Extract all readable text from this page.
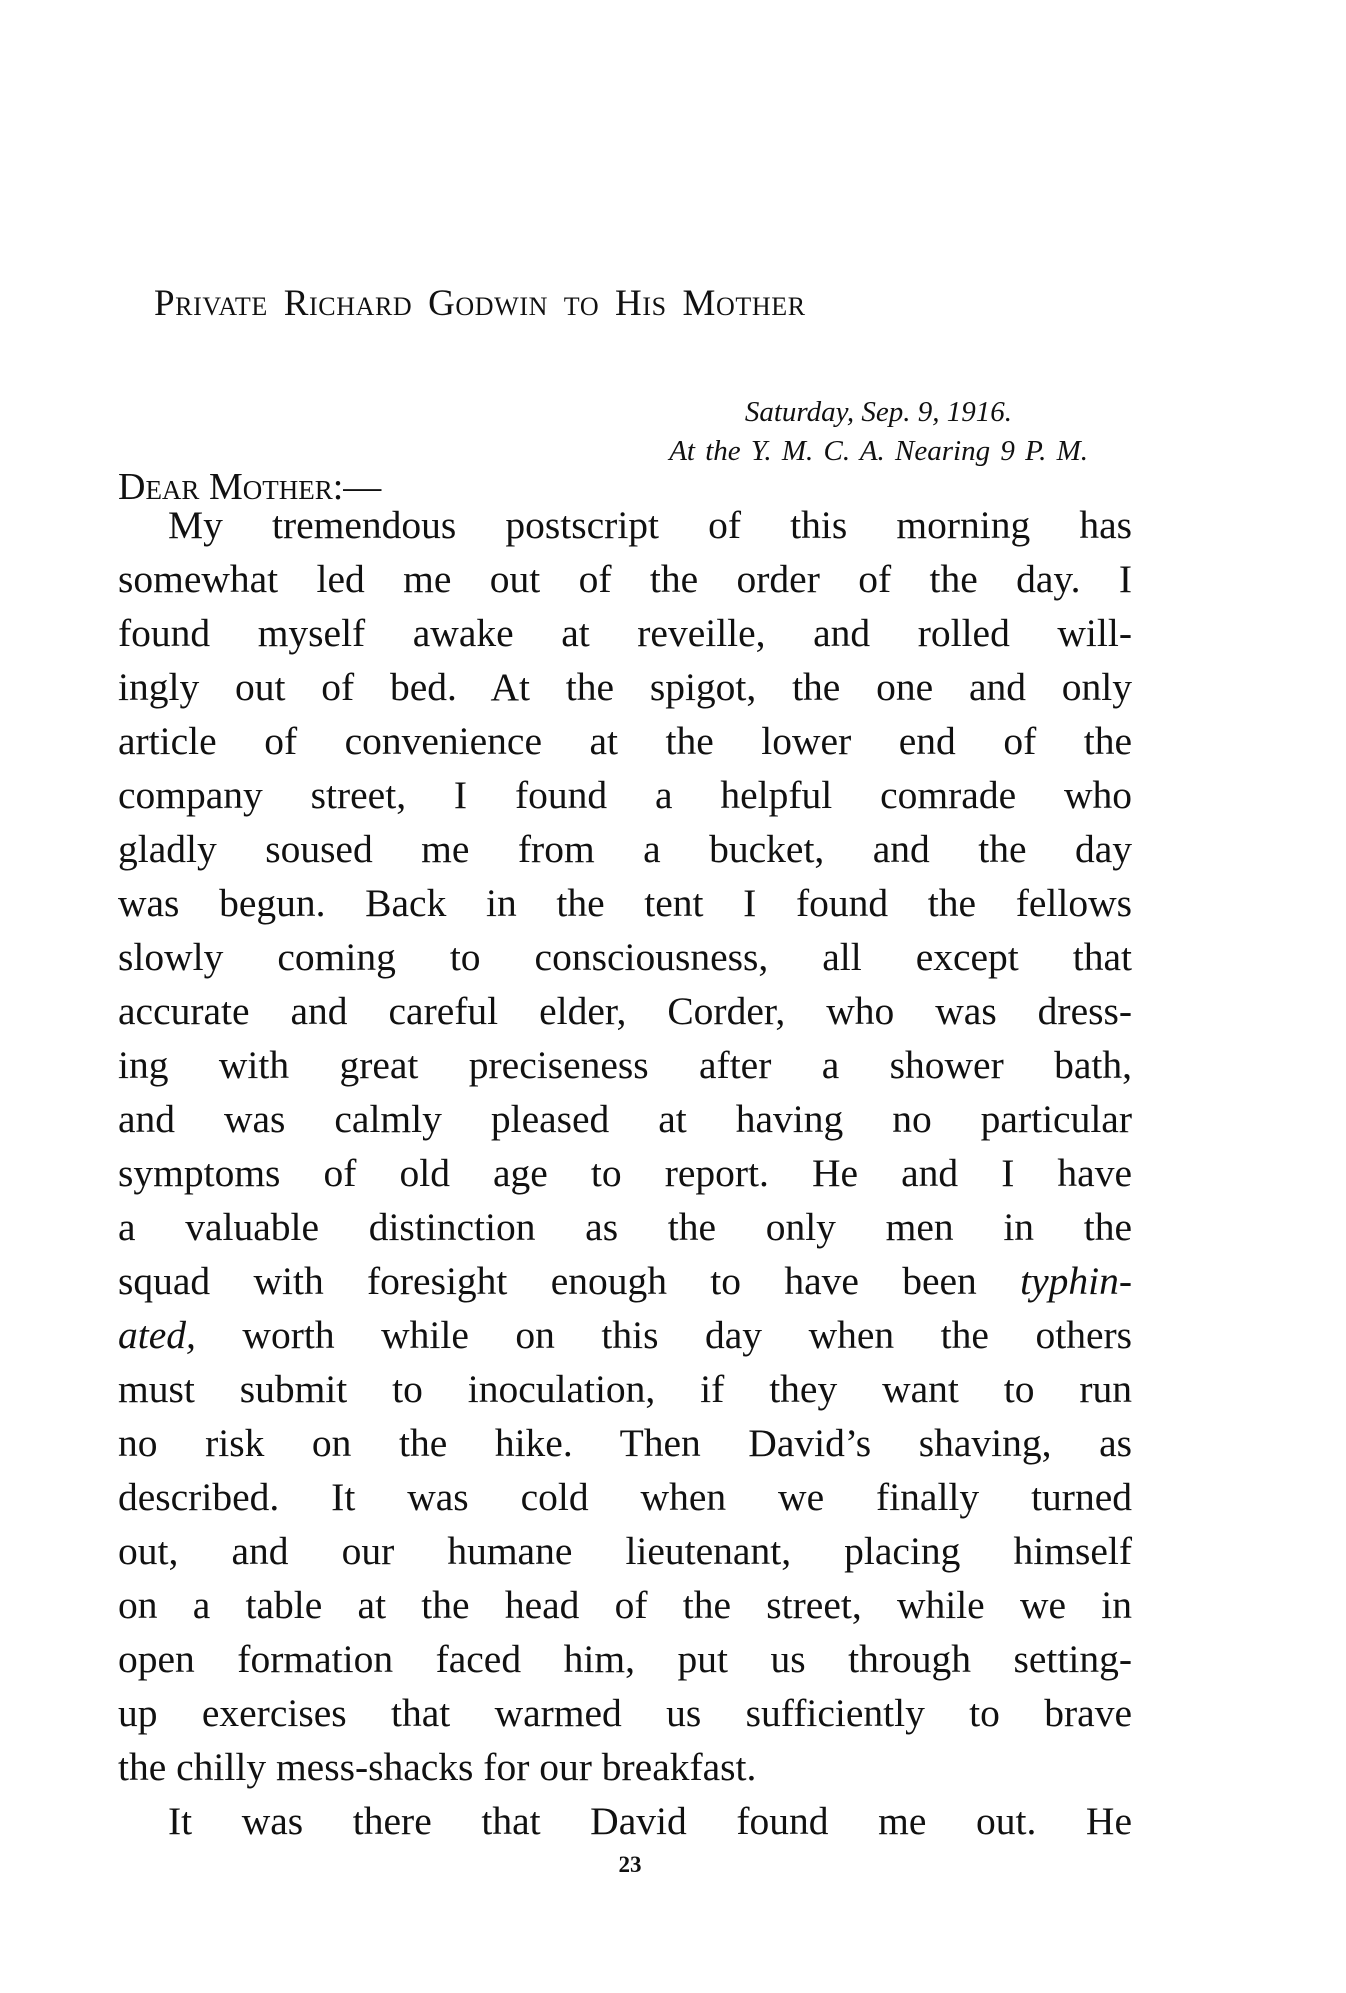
Private Richard Godwin to His Mother
Saturday, Sep. 9, 1916.
At the Y. M. C. A. Nearing 9 P. M.
Dear Mother:—
My tremendous postscript of this morning has
somewhat led me out of the order of the day. I
found myself awake at reveille, and rolled will-
ingly out of bed. At the spigot, the one and only
article of convenience at the lower end of the
company street, I found a helpful comrade who
gladly soused me from a bucket, and the day
was begun. Back in the tent I found the fellows
slowly coming to consciousness, all except that
accurate and careful elder, Corder, who was dress-
ing with great preciseness after a shower bath,
and was calmly pleased at having no particular
symptoms of old age to report. He and I have
a valuable distinction as the only men in the
squad with foresight enough to have been typhin-
ated, worth while on this day when the others
must submit to inoculation, if they want to run
no risk on the hike. Then David’s shaving, as
described. It was cold when we finally turned
out, and our humane lieutenant, placing himself
on a table at the head of the street, while we in
open formation faced him, put us through setting-
up exercises that warmed us sufficiently to brave
the chilly mess-shacks for our breakfast.
It was there that David found me out. He
23
